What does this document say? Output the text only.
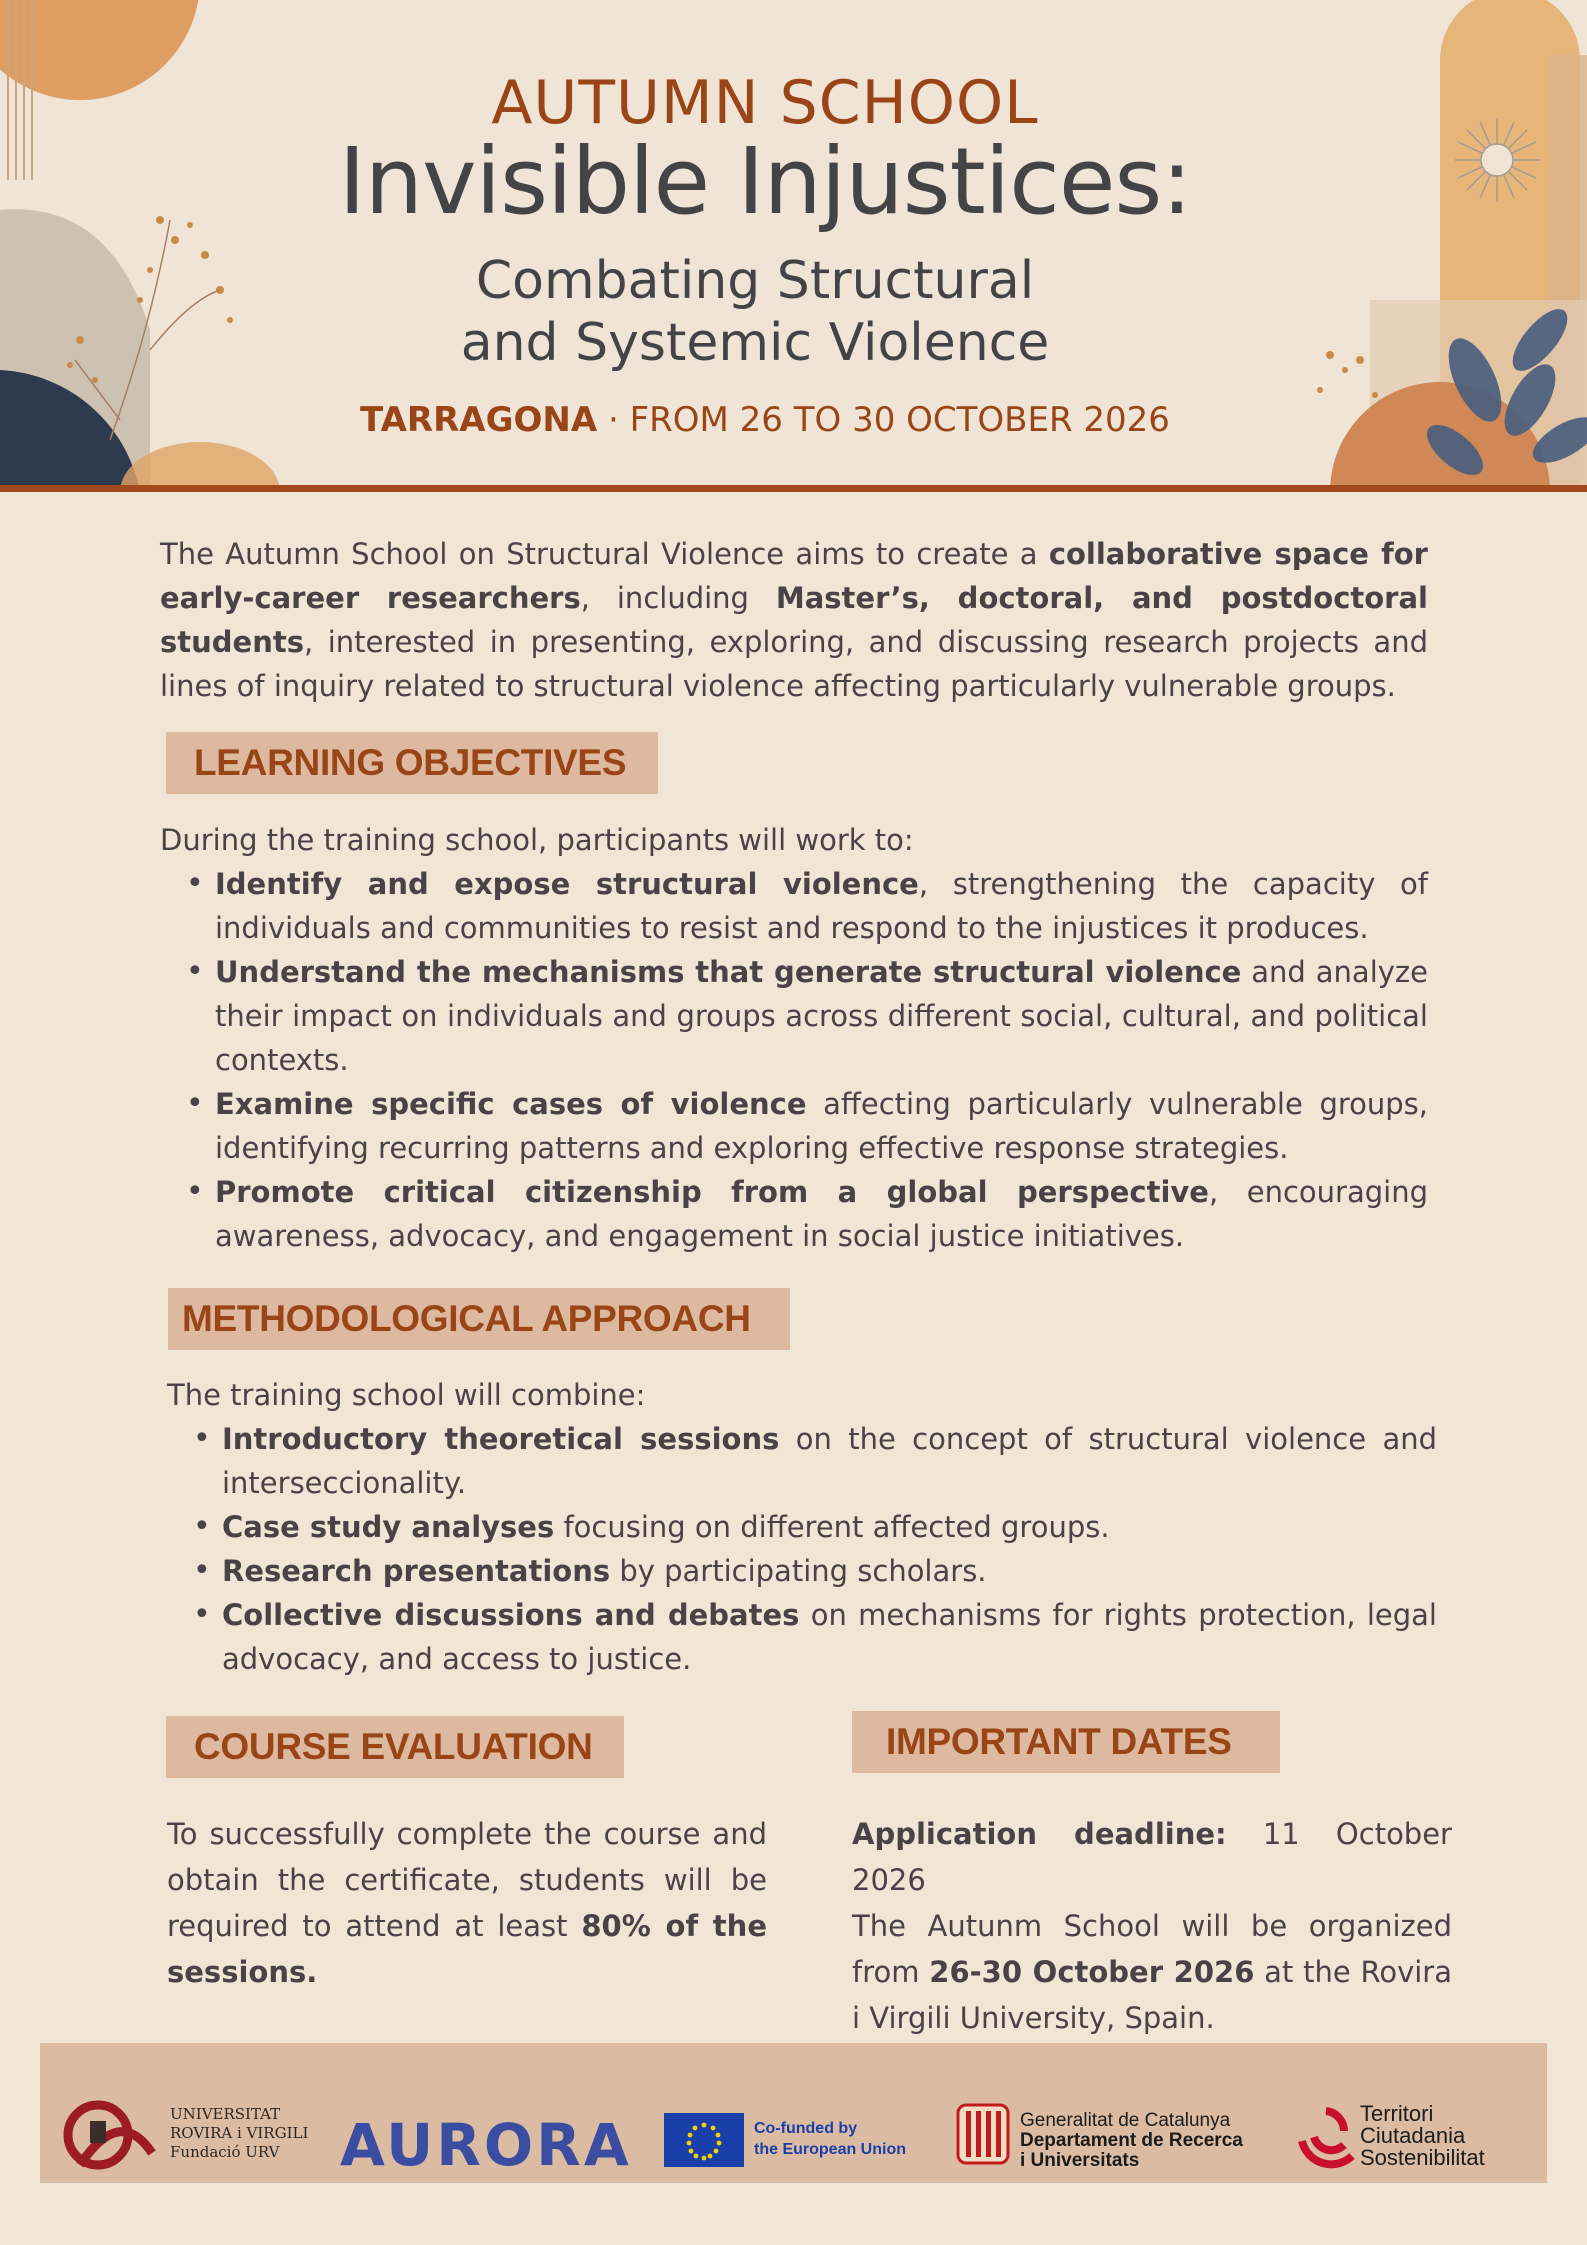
AUTUMN SCHOOL
Invisible Injustices:
Combating Structural
and Systemic Violence
TARRAGONA · FROM 26 TO 30 OCTOBER 2026
The Autumn School on Structural Violence aims to create a collaborative space for early-career researchers, including Master’s, doctoral, and postdoctoral students, interested in presenting, exploring, and discussing research projects and lines of inquiry related to structural violence affecting particularly vulnerable groups.
LEARNING OBJECTIVES
During the training school, participants will work to:
• Identify and expose structural violence, strengthening the capacity of individuals and communities to resist and respond to the injustices it produces.
• Understand the mechanisms that generate structural violence and analyze their impact on individuals and groups across different social, cultural, and political contexts.
• Examine specific cases of violence affecting particularly vulnerable groups, identifying recurring patterns and exploring effective response strategies.
• Promote critical citizenship from a global perspective, encouraging awareness, advocacy, and engagement in social justice initiatives.
METHODOLOGICAL APPROACH
The training school will combine:
• Introductory theoretical sessions on the concept of structural violence and interseccionality.
• Case study analyses focusing on different affected groups.
• Research presentations by participating scholars.
• Collective discussions and debates on mechanisms for rights protection, legal advocacy, and access to justice.
COURSE EVALUATION
To successfully complete the course and obtain the certificate, students will be required to attend at least 80% of the sessions.
IMPORTANT DATES
Application deadline: 11 October 2026
The Autunm School will be organized from 26-30 October 2026 at the Rovira i Virgili University, Spain.
UNIVERSITAT
ROVIRA i VIRGILI
Fundació URV	AURORA	Co-funded by
the European Union
Generalitat de Catalunya
Departament de Recerca
i Universitats
Territori
Ciutadania
Sostenibilitat
